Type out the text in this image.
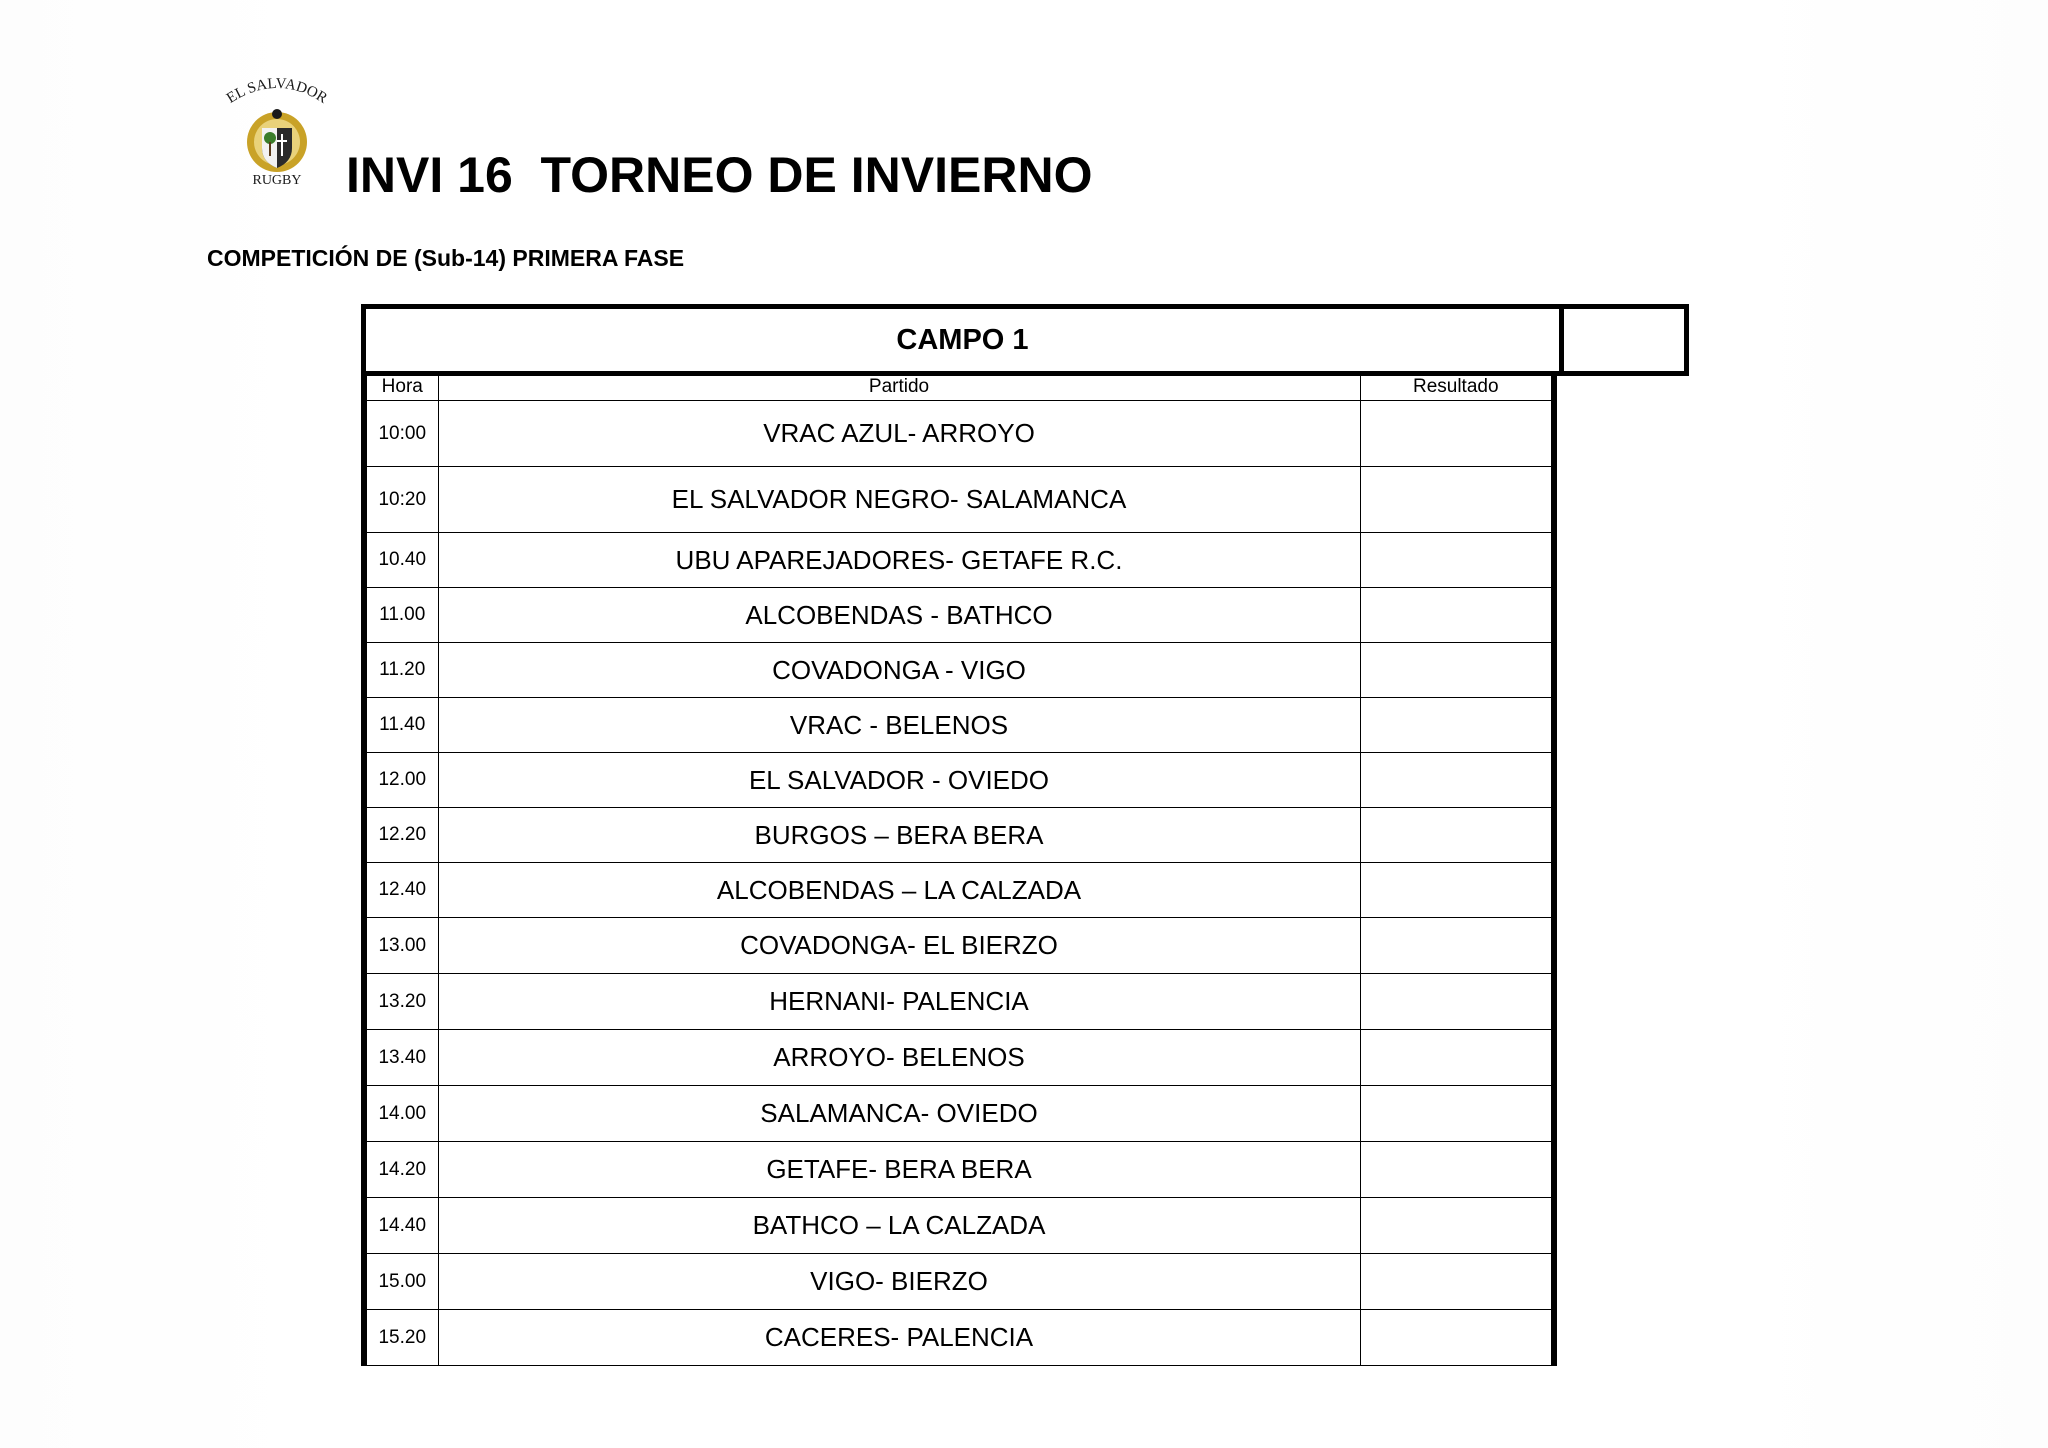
EL SALVADOR
RUGBY INVI 16  TORNEO DE INVIERNO
COMPETICIÓN DE (Sub-14) PRIMERA FASE
CAMPO 1
Hora	Partido	Resultado
10:00	VRAC AZUL- ARROYO	
10:20	EL SALVADOR NEGRO- SALAMANCA	
10.40	UBU APAREJADORES- GETAFE R.C.	
11.00	ALCOBENDAS - BATHCO	
11.20	COVADONGA - VIGO	
11.40	VRAC - BELENOS	
12.00	EL SALVADOR - OVIEDO	
12.20	BURGOS – BERA BERA	
12.40	ALCOBENDAS – LA CALZADA	
13.00	COVADONGA- EL BIERZO	
13.20	HERNANI- PALENCIA	
13.40	ARROYO- BELENOS	
14.00	SALAMANCA- OVIEDO	
14.20	GETAFE- BERA BERA	
14.40	BATHCO – LA CALZADA	
15.00	VIGO- BIERZO	
15.20	CACERES- PALENCIA	
